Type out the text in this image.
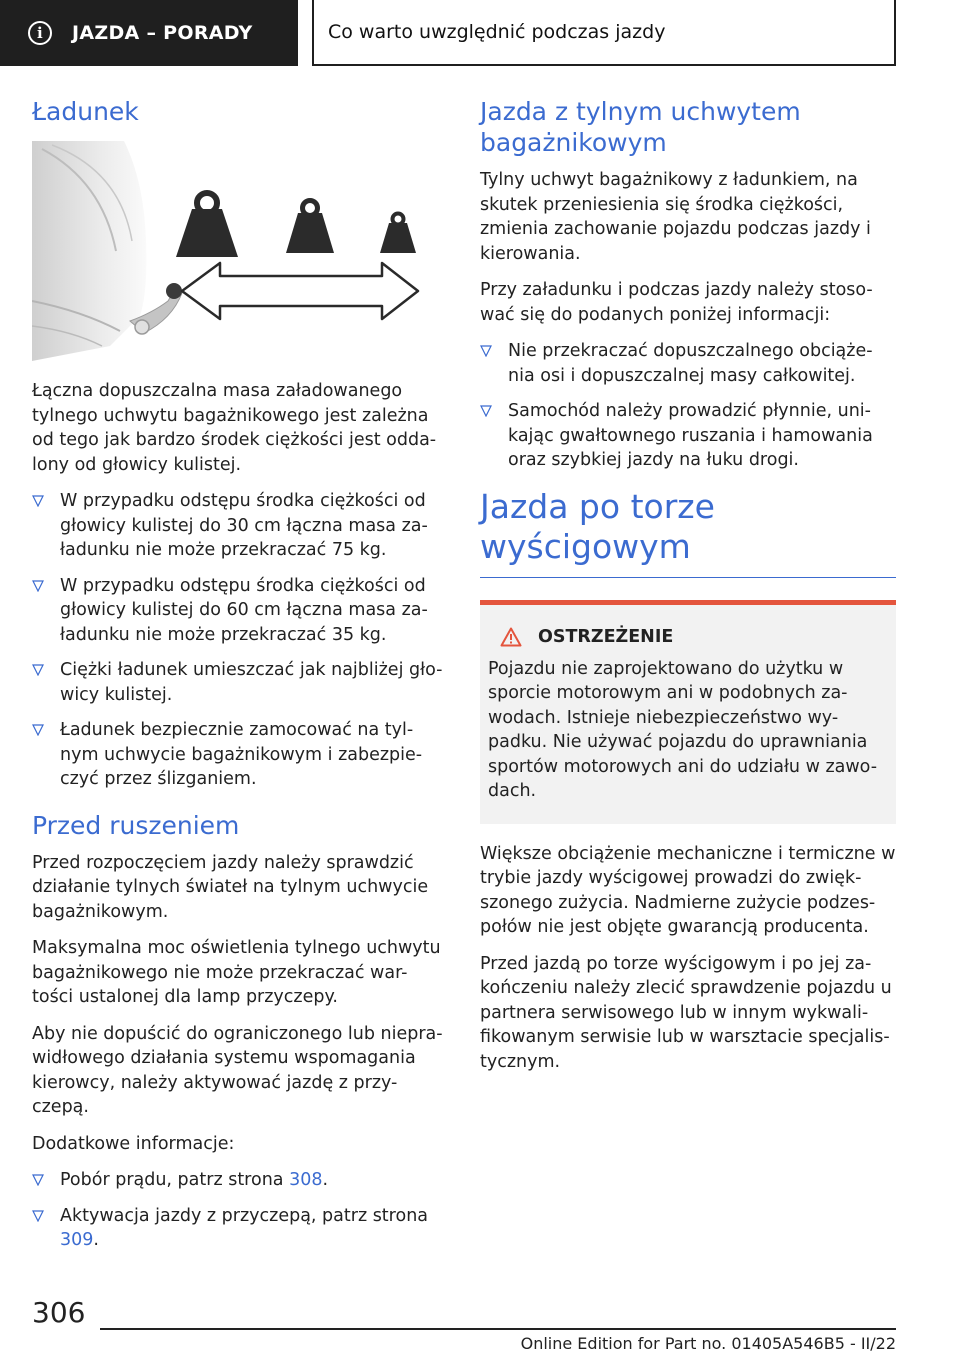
i	JAZDA – PORADY	Co warto uwzględnić podczas jazdy
Ładunek

Łączna dopuszczalna masa załadowanego tylnego uchwytu bagażnikowego jest zależna od tego jak bardzo środek ciężkości jest odda-lony od głowicy kulistej.

W przypadku odstępu środka ciężkości od głowicy kulistej do 30 cm łączna masa za-ładunku nie może przekraczać 75 kg.
W przypadku odstępu środka ciężkości od głowicy kulistej do 60 cm łączna masa za-ładunku nie może przekraczać 35 kg.
Ciężki ładunek umieszczać jak najbliżej gło-wicy kulistej.
Ładunek bezpiecznie zamocować na tyl-nym uchwycie bagażnikowym i zabezpie-czyć przez ślizganiem.
Przed ruszeniem

Przed rozpoczęciem jazdy należy sprawdzić działanie tylnych świateł na tylnym uchwycie bagażnikowym.

Maksymalna moc oświetlenia tylnego uchwytu bagażnikowego nie może przekraczać war-tości ustalonej dla lamp przyczepy.

Aby nie dopuścić do ograniczonego lub niepra-widłowego działania systemu wspomagania kierowcy, należy aktywować jazdę z przy-czepą.

Dodatkowe informacje:

Pobór prądu, patrz strona 308.
Aktywacja jazdy z przyczepą, patrz strona 309.
Jazda z tylnym uchwytem bagażnikowym

Tylny uchwyt bagażnikowy z ładunkiem, na skutek przeniesienia się środka ciężkości, zmienia zachowanie pojazdu podczas jazdy i kierowania.

Przy załadunku i podczas jazdy należy stoso-wać się do podanych poniżej informacji:

Nie przekraczać dopuszczalnego obciąże-nia osi i dopuszczalnej masy całkowitej.
Samochód należy prowadzić płynnie, uni-kając gwałtownego ruszania i hamowania oraz szybkiej jazdy na łuku drogi.
Jazda po torze wyścigowym
OSTRZEŻENIE

Pojazdu nie zaprojektowano do użytku w sporcie motorowym ani w podobnych za-wodach. Istnieje niebezpieczeństwo wy-padku. Nie używać pojazdu do uprawniania sportów motorowych ani do udziału w zawo-dach.

Większe obciążenie mechaniczne i termiczne w trybie jazdy wyścigowej prowadzi do zwięk-szonego zużycia. Nadmierne zużycie podzes-połów nie jest objęte gwarancją producenta.

Przed jazdą po torze wyścigowym i po jej za-kończeniu należy zlecić sprawdzenie pojazdu u partnera serwisowego lub w innym wykwali-fikowanym serwisie lub w warsztacie specjalis-tycznym.

306
Online Edition for Part no. 01405A546B5 - II/22
